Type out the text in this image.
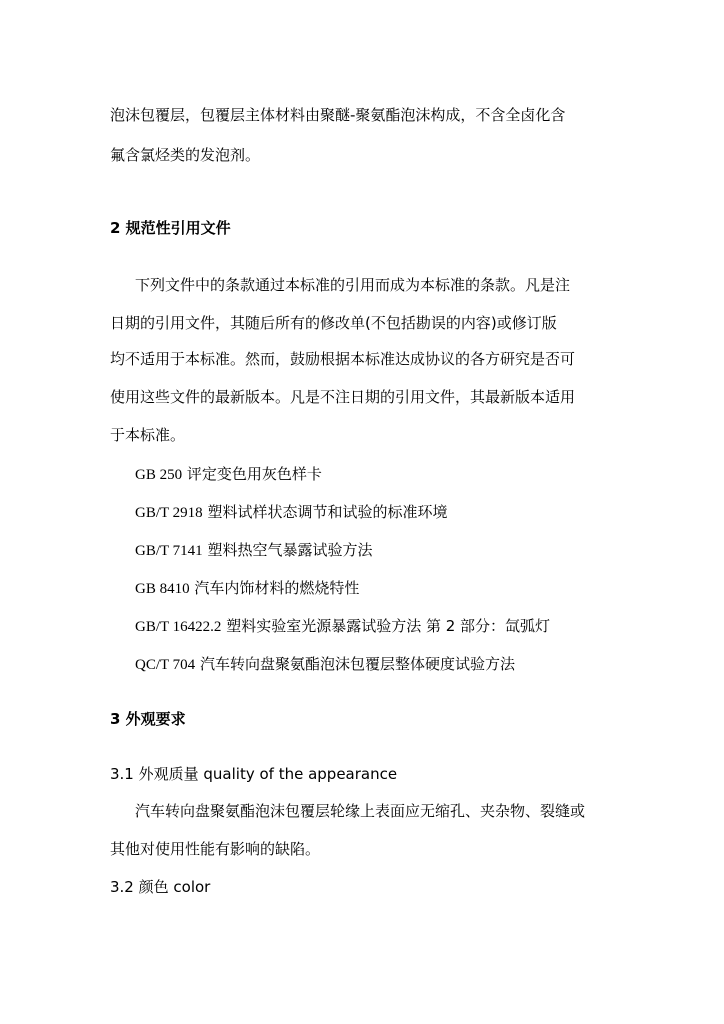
泡沫包覆层，包覆层主体材料由聚醚-聚氨酯泡沫构成，不含全卤化含
氟含氯烃类的发泡剂。
2 规范性引用文件
下列文件中的条款通过本标准的引用而成为本标准的条款。凡是注
日期的引用文件，其随后所有的修改单(不包括勘误的内容)或修订版
均不适用于本标准。然而，鼓励根据本标准达成协议的各方研究是否可
使用这些文件的最新版本。凡是不注日期的引用文件，其最新版本适用
于本标准。
GB 250 评定变色用灰色样卡
GB/T 2918 塑料试样状态调节和试验的标准环境
GB/T 7141 塑料热空气暴露试验方法
GB 8410 汽车内饰材料的燃烧特性
GB/T 16422.2 塑料实验室光源暴露试验方法 第 2 部分：氙弧灯
QC/T 704 汽车转向盘聚氨酯泡沫包覆层整体硬度试验方法
3 外观要求
3.1 外观质量 quality of the appearance
汽车转向盘聚氨酯泡沫包覆层轮缘上表面应无缩孔、夹杂物、裂缝或
其他对使用性能有影响的缺陷。
3.2 颜色 color
